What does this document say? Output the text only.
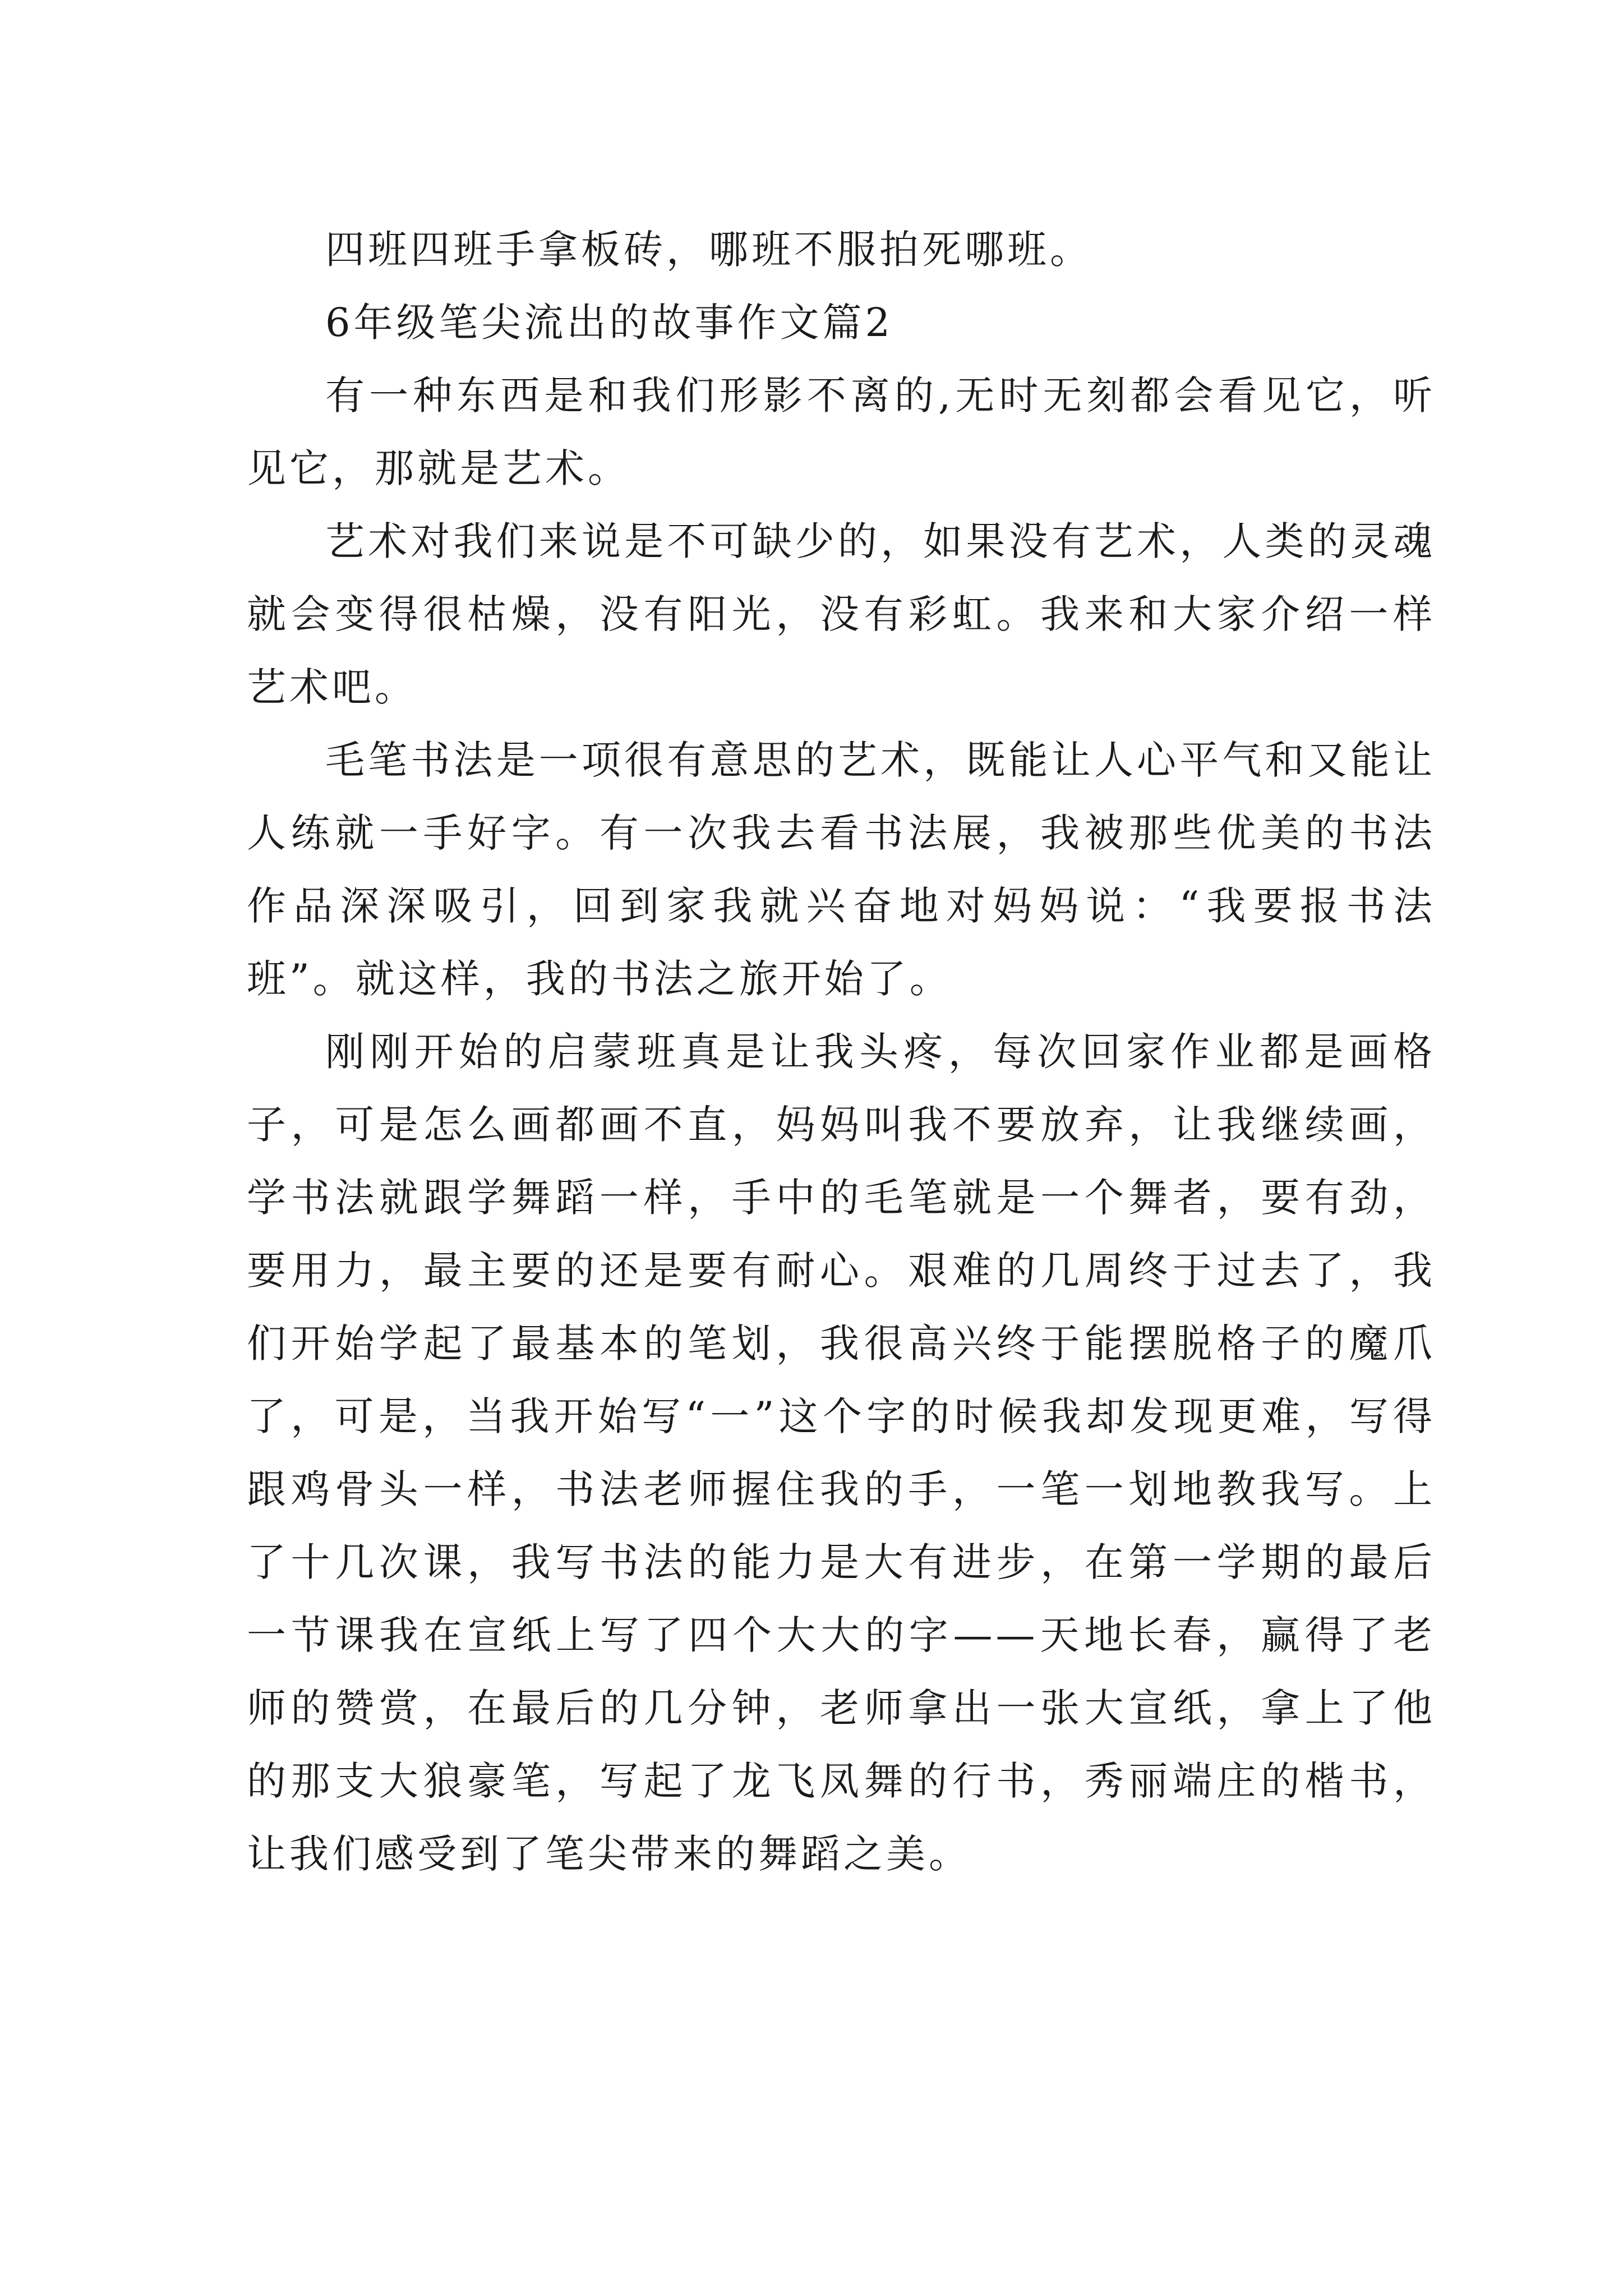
四班四班手拿板砖，哪班不服拍死哪班。

6年级笔尖流出的故事作文篇2

有一种东西是和我们形影不离的,无时无刻都会看见它，听见它，那就是艺术。

艺术对我们来说是不可缺少的，如果没有艺术，人类的灵魂就会变得很枯燥，没有阳光，没有彩虹。我来和大家介绍一样艺术吧。

毛笔书法是一项很有意思的艺术，既能让人心平气和又能让人练就一手好字。有一次我去看书法展，我被那些优美的书法作品深深吸引，回到家我就兴奋地对妈妈说：“我要报书法班”。就这样，我的书法之旅开始了。

刚刚开始的启蒙班真是让我头疼，每次回家作业都是画格子，可是怎么画都画不直，妈妈叫我不要放弃，让我继续画，学书法就跟学舞蹈一样，手中的毛笔就是一个舞者，要有劲，要用力，最主要的还是要有耐心。艰难的几周终于过去了，我们开始学起了最基本的笔划，我很高兴终于能摆脱格子的魔爪了，可是，当我开始写“一”这个字的时候我却发现更难，写得跟鸡骨头一样，书法老师握住我的手，一笔一划地教我写。上了十几次课，我写书法的能力是大有进步，在第一学期的最后一节课我在宣纸上写了四个大大的字——天地长春，赢得了老师的赞赏，在最后的几分钟，老师拿出一张大宣纸，拿上了他的那支大狼豪笔，写起了龙飞凤舞的行书，秀丽端庄的楷书，让我们感受到了笔尖带来的舞蹈之美。
